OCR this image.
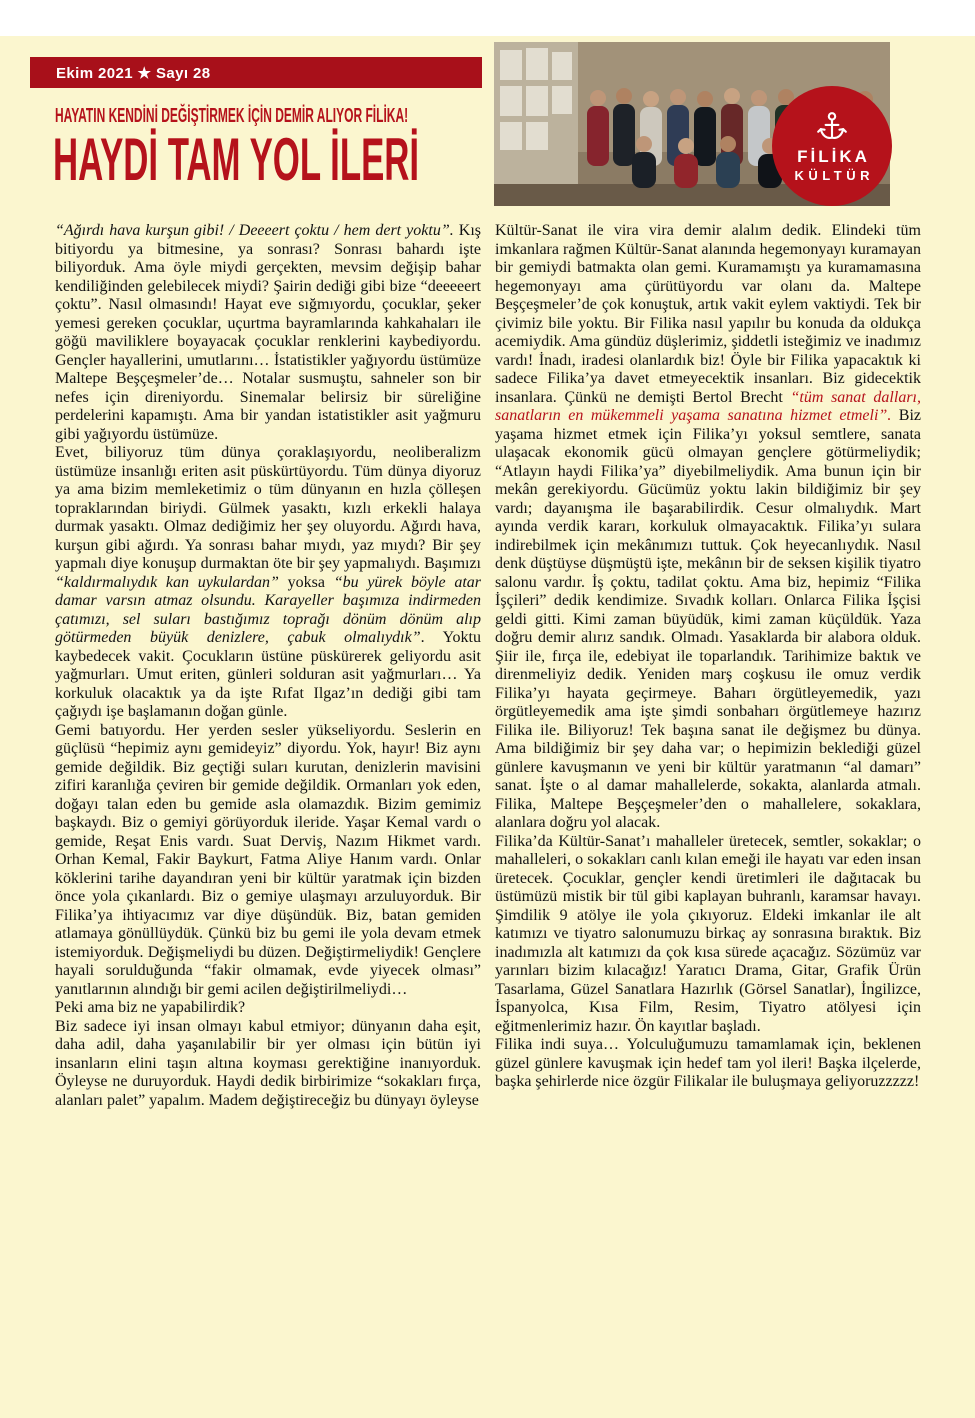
Ekim 2021 ★ Sayı 28
FİLİKA
KÜLTÜR
HAYATIN KENDİNİ DEĞİŞTİRMEK İÇİN DEMİR ALIYOR FİLİKA!
HAYDİ TAM YOL İLERİ

“Ağırdı hava kurşun gibi! / Deeeert çoktu / hem dert yoktu”. Kış bitiyordu ya bitmesine, ya sonrası? Sonrası bahardı işte biliyorduk. Ama öyle miydi gerçekten, mevsim değişip bahar kendiliğinden gelebilecek miydi? Şairin dediği gibi bize “deeeeert çoktu”. Nasıl olmasındı! Hayat eve sığmıyordu, çocuklar, şeker yemesi gereken çocuklar, uçurtma bayramlarında kahkahaları ile göğü maviliklere boyayacak çocuklar renklerini kaybediyordu. Gençler hayallerini, umutlarını… İstatistikler yağıyordu üstümüze Maltepe Beşçeşmeler’de… Notalar susmuştu, sahneler son bir nefes için direniyordu. Sinemalar belirsiz bir süreliğine perdelerini kapamıştı. Ama bir yandan istatistikler asit yağmuru gibi yağıyordu üstümüze.

Evet, biliyoruz tüm dünya çoraklaşıyordu, neoliberalizm üstümüze insanlığı eriten asit püskürtüyordu. Tüm dünya diyoruz ya ama bizim memleketimiz o tüm dünyanın en hızla çölleşen topraklarından biriydi. Gülmek yasaktı, kızlı erkekli halaya durmak yasaktı. Olmaz dediğimiz her şey oluyordu. Ağırdı hava, kurşun gibi ağırdı. Ya sonrası bahar mıydı, yaz mıydı? Bir şey yapmalı diye konuşup durmaktan öte bir şey yapmalıydı. Başımızı “kaldırmalıydık kan uykulardan” yoksa “bu yürek böyle atar damar varsın atmaz olsundu. Karayeller başımıza indirmeden çatımızı, sel suları bastığımız toprağı dönüm dönüm alıp götürmeden büyük denizlere, çabuk olmalıydık”. Yoktu kaybedecek vakit. Çocukların üstüne püskürerek geliyordu asit yağmurları. Umut eriten, günleri solduran asit yağmurları… Ya korkuluk olacaktık ya da işte Rıfat Ilgaz’ın dediği gibi tam çağıydı işe başlamanın doğan günle.

Gemi batıyordu. Her yerden sesler yükseliyordu. Seslerin en güçlüsü “hepimiz aynı gemideyiz” diyordu. Yok, hayır! Biz aynı gemide değildik. Biz geçtiği suları kurutan, denizlerin mavisini zifiri karanlığa çeviren bir gemide değildik. Ormanları yok eden, doğayı talan eden bu gemide asla olamazdık. Bizim gemimiz başkaydı. Biz o gemiyi görüyorduk ileride. Yaşar Kemal vardı o gemide, Reşat Enis vardı. Suat Derviş, Nazım Hikmet vardı. Orhan Kemal, Fakir Baykurt, Fatma Aliye Hanım vardı. Onlar köklerini tarihe dayandıran yeni bir kültür yaratmak için bizden önce yola çıkanlardı. Biz o gemiye ulaşmayı arzuluyorduk. Bir Filika’ya ihtiyacımız var diye düşündük. Biz, batan gemiden atlamaya gönüllüydük. Çünkü biz bu gemi ile yola devam etmek istemiyorduk. Değişmeliydi bu düzen. Değiştirmeliydik! Gençlere hayali sorulduğunda “fakir olmamak, evde yiyecek olması” yanıtlarının alındığı bir gemi acilen değiştirilmeliydi…

Peki ama biz ne yapabilirdik?

Biz sadece iyi insan olmayı kabul etmiyor; dünyanın daha eşit, daha adil, daha yaşanılabilir bir yer olması için bütün iyi insanların elini taşın altına koyması gerektiğine inanıyorduk. Öyleyse ne duruyorduk. Haydi dedik birbirimize “sokakları fırça, alanları palet” yapalım. Madem değiştireceğiz bu dünyayı öyleyse

Kültür-Sanat ile vira vira demir alalım dedik. Elindeki tüm imkanlara rağmen Kültür-Sanat alanında hegemonyayı kuramayan bir gemiydi batmakta olan gemi. Kuramamıştı ya kuramamasına hegemonyayı ama çürütüyordu var olanı da. Maltepe Beşçeşmeler’de çok konuştuk, artık vakit eylem vaktiydi. Tek bir çivimiz bile yoktu. Bir Filika nasıl yapılır bu konuda da oldukça acemiydik. Ama gündüz düşlerimiz, şiddetli isteğimiz ve inadımız vardı! İnadı, iradesi olanlardık biz! Öyle bir Filika yapacaktık ki sadece Filika’ya davet etmeyecektik insanları. Biz gidecektik insanlara. Çünkü ne demişti Bertol Brecht “tüm sanat dalları, sanatların en mükemmeli yaşama sanatına hizmet etmeli”. Biz yaşama hizmet etmek için Filika’yı yoksul semtlere, sanata ulaşacak ekonomik gücü olmayan gençlere götürmeliydik; “Atlayın haydi Filika’ya” diyebilmeliydik. Ama bunun için bir mekân gerekiyordu. Gücümüz yoktu lakin bildiğimiz bir şey vardı; dayanışma ile başarabilirdik. Cesur olmalıydık. Mart ayında verdik kararı, korkuluk olmayacaktık. Filika’yı sulara indirebilmek için mekânımızı tuttuk. Çok heyecanlıydık. Nasıl denk düştüyse düşmüştü işte, mekânın bir de seksen kişilik tiyatro salonu vardır. İş çoktu, tadilat çoktu. Ama biz, hepimiz “Filika İşçileri” dedik kendimize. Sıvadık kolları. Onlarca Filika İşçisi geldi gitti. Kimi zaman büyüdük, kimi zaman küçüldük. Yaza doğru demir alırız sandık. Olmadı. Yasaklarda bir alabora olduk. Şiir ile, fırça ile, edebiyat ile toparlandık. Tarihimize baktık ve direnmeliyiz dedik. Yeniden marş coşkusu ile omuz verdik Filika’yı hayata geçirmeye. Baharı örgütleyemedik, yazı örgütleyemedik ama işte şimdi sonbaharı örgütlemeye hazırız Filika ile. Biliyoruz! Tek başına sanat ile değişmez bu dünya. Ama bildiğimiz bir şey daha var; o hepimizin beklediği güzel günlere kavuşmanın ve yeni bir kültür yaratmanın “al damarı” sanat. İşte o al damar mahallelerde, sokakta, alanlarda atmalı. Filika, Maltepe Beşçeşmeler’den o mahallelere, sokaklara, alanlara doğru yol alacak.

Filika’da Kültür-Sanat’ı mahalleler üretecek, semtler, sokaklar; o mahalleleri, o sokakları canlı kılan emeği ile hayatı var eden insan üretecek. Çocuklar, gençler kendi üretimleri ile dağıtacak bu üstümüzü mistik bir tül gibi kaplayan buhranlı, karamsar havayı. Şimdilik 9 atölye ile yola çıkıyoruz. Eldeki imkanlar ile alt katımızı ve tiyatro salonumuzu birkaç ay sonrasına bıraktık. Biz inadımızla alt katımızı da çok kısa sürede açacağız. Sözümüz var yarınları bizim kılacağız! Yaratıcı Drama, Gitar, Grafik Ürün Tasarlama, Güzel Sanatlara Hazırlık (Görsel Sanatlar), İngilizce, İspanyolca, Kısa Film, Resim, Tiyatro atölyesi için eğitmenlerimiz hazır. Ön kayıtlar başladı.

Filika indi suya… Yolculuğumuzu tamamlamak için, beklenen güzel günlere kavuşmak için hedef tam yol ileri! Başka ilçelerde, başka şehirlerde nice özgür Filikalar ile buluşmaya geliyoruzzzzz!
